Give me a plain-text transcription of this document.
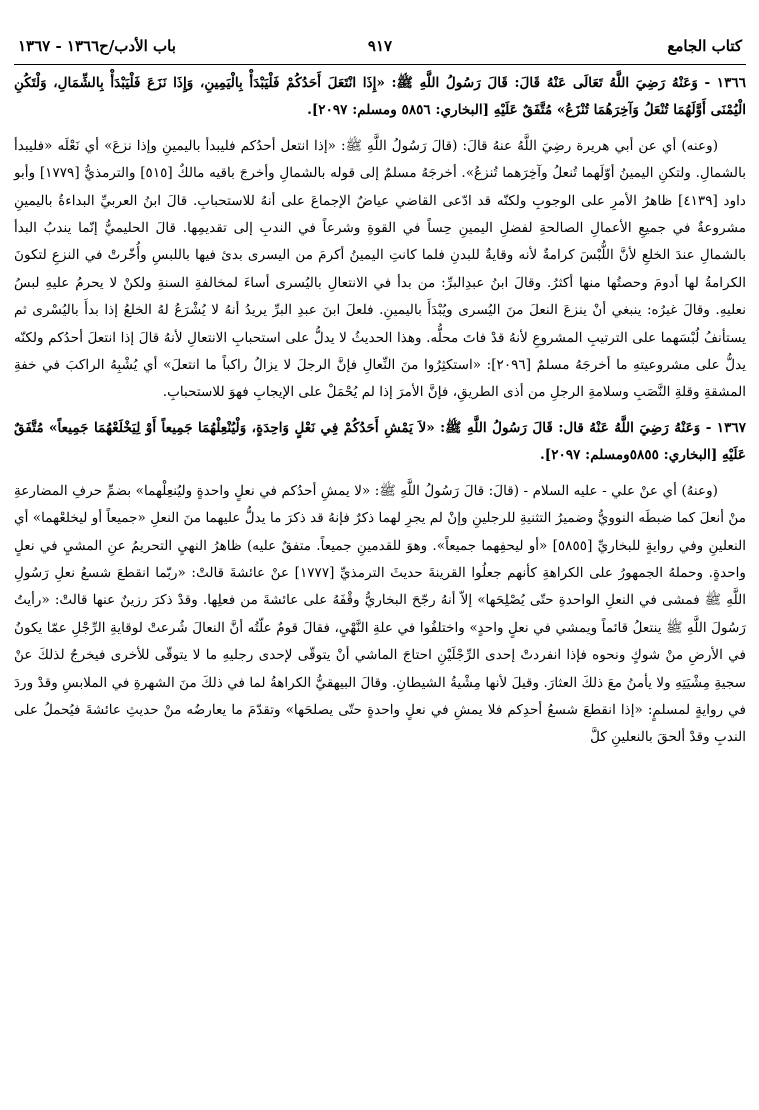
كتاب الجامع
٩١٧
باب الأدب/ح١٣٦٦ - ١٣٦٧

١٣٦٦ - وَعَنْهُ رَضِيَ اللَّهُ تَعَالَى عَنْهُ قَالَ: قَالَ رَسُولُ اللَّهِ ﷺ: «إِذَا انْتَعَلَ أَحَدُكُمْ فَلْيَبْدَأْ بِالْيَمِينِ، وَإِذَا نَزَعَ فَلْيَبْدَأْ بِالشِّمَالِ، وَلْتَكُنِ الْيُمْنَى أَوَّلَهُمَا تُنْعَلُ وَآخِرَهُمَا تُنْزَعُ» مُتَّفَقٌ عَلَيْهِ [البخاري: ٥٨٥٦ ومسلم: ٢٠٩٧].

(وعنه) أي عن أبي هريرة رضِيَ اللَّهُ عنهُ قالَ: (قالَ رَسُولُ اللَّهِ ﷺ: «إذا انتعل أحدُكم فليبدأ باليمينِ وإذا نزعَ» أي نَعْلَه «فليبدأ بالشمالِ. ولتكنِ اليمينُ أوّلَهما تُنعلُ وآخِرَهما تُنزعُ». أخرجَهُ مسلمٌ إلى قوله بالشمالِ وأخرجَ باقيه مالكٌ [٥١٥] والترمذيُّ [١٧٧٩] وأبو داود [٤١٣٩] ظاهرُ الأمرِ على الوجوبِ ولكنّه قد ادّعى القاضي عياضٌ الإجماعَ على أنهُ للاستحبابِ. قالَ ابنُ العربيِّ البداءةُ باليمينِ مشروعةٌ في جميعِ الأعمالِ الصالحةِ لفضلِ اليمينِ حِساً في القوةِ وشرعاً في الندبِ إلى تقديمِها. قالَ الحليميُّ إنّما يندبُ البدأ بالشمالِ عندَ الخلعِ لأنَّ اللُّبْسَ كرامةٌ لأنه وقايةٌ للبدنِ فلما كانتِ اليمينُ أكرمَ من اليسرى بدئ فيها باللبسِ وأُخّرتْ في النزعِ لتكونَ الكرامةُ لها أدومَ وحصتُها منها أكثرُ. وقالَ ابنُ عبدِالبرِّ: من بدأ في الانتعالِ باليُسرى أساءَ لمخالفةِ السنةِ ولكنْ لا يحرمُ عليهِ لبسُ نعليهِ. وقالَ غيرُه: ينبغي أنْ ينزعَ النعلَ منَ اليُسرى ويُبْدَأَ باليمينِ. فلعلَ ابنَ عبدِ البرِّ يريدُ أنهُ لا يُشْرَعُ لهُ الخلعُ إذا بدأَ باليُسْرى ثم يستأنفُ لُبْسَهما على الترتيبِ المشروعِ لأنهُ قدْ فاتَ محلُّه. وهذا الحديثُ لا يدلُّ على استحبابِ الانتعالِ لأنهُ قالَ إذا انتعلَ أحدُكم ولكنّه يدلُّ على مشروعيتهِ ما أخرجَهُ مسلمٌ [٢٠٩٦]: «استكثِرُوا منَ النِّعالِ فإنَّ الرجلَ لا يزالُ راكباً ما انتعلَ» أي يُشْبِهُ الراكبَ في خفةِ المشقةِ وقلةِ النَّصَبِ وسلامةِ الرجلِ من أذى الطريقِ، فإنَّ الأمرَ إذا لم يُحْمَلْ على الإيجابِ فهوَ للاستحبابِ.

١٣٦٧ - وَعَنْهُ رَضِيَ اللَّهُ عَنْهُ قال: قَالَ رَسُولُ اللَّهِ ﷺ: «لاَ يَمْشِ أَحَدُكُمْ فِي نَعْلٍ وَاحِدَةٍ، وَلْيُنْعِلْهُمَا جَمِيعاً أَوْ لِيَخْلَعْهُمَا جَمِيعاً» مُتَّفَقٌ عَلَيْهِ [البخاري: ٥٨٥٥ومسلم: ٢٠٩٧].

(وعنهُ) أي عنْ علي - عليه السلام - (قالَ: قالَ رَسُولُ اللَّهِ ﷺ: «لا يمشِ أحدُكم في نعلٍ واحدةٍ وليُنعِلْهما» بضمِّ حرفِ المضارعةِ منْ أنعلَ كما ضبطَه النوويُّ وضميرُ التثنيةِ للرجلينِ وإنْ لم يجرِ لهما ذكرٌ فإنهُ قد ذكرَ ما يدلُّ عليهما منَ النعلِ «جميعاً أو ليخلعْهما» أي النعلينِ وفي روايةٍ للبخاريِّ [٥٨٥٥] «أو ليحفِهما جميعاً». وهوَ للقدمينِ جميعاً. متفقٌ عليه) ظاهرُ النهيِ التحريمُ عنِ المشيِ في نعلٍ واحدةٍ. وحملهُ الجمهورُ على الكراهةِ كأنهم جعلُوا القرينةَ حديثَ الترمذيِّ [١٧٧٧] عنْ عائشةَ قالتْ: «ربّما انقطعَ شسعُ نعلِ رَسُولِ اللَّهِ ﷺ فمشى في النعلِ الواحدةِ حتّى يُصْلِحَها» إلاّ أنهُ رجّحَ البخاريُّ وقْفَهُ على عائشةَ من فعلِها. وقدْ ذكرَ رزينٌ عنها قالتْ: «رأيتُ رَسُولَ اللَّهِ ﷺ ينتعلُ قائماً ويمشي في نعلٍ واحدٍ» واختلفُوا في علةِ النَّهْيِ، فقالَ قومٌ علّتُه أنَّ النعالَ شُرعتْ لوقايةِ الرِّجْلِ عمّا يكونُ في الأرضِ منْ شوكٍ ونحوه فإذا انفردتْ إحدى الرِّجْلَيْنِ احتاجَ الماشي أنْ يتوقّى لإحدى رجليهِ ما لا يتوقّى للأخرى فيخرجُ لذلكَ عنْ سجيةِ مِشْيَتِهِ ولا يأمنُ معَ ذلكَ العثارَ. وقيلَ لأنها مِشْيةُ الشيطانِ. وقالَ البيهقيُّ الكراهةُ لما في ذلكَ منَ الشهرةِ في الملابسِ وقدْ وردَ في روايةٍ لمسلمٍ: «إذا انقطعَ شسعُ أحدِكم فلا يمشِ في نعلٍ واحدةٍ حتّى يصلحَها» وتقدّمَ ما يعارضُه منْ حديثِ عائشةَ فيُحملُ على الندبِ وقدْ ألحقَ بالنعلينِ كلَّ
